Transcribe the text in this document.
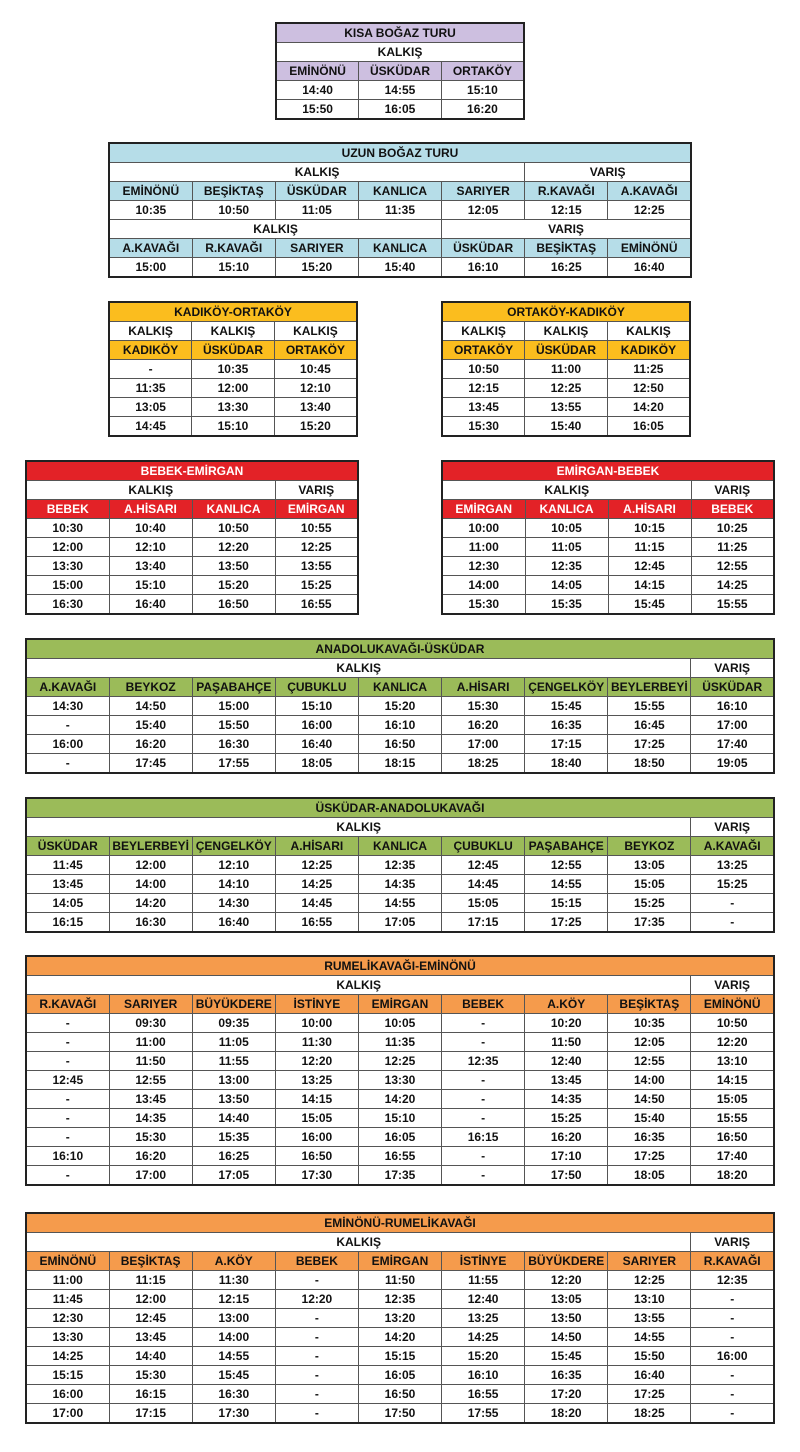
KISA BOĞAZ TURU		
KALKIŞ		
EMİNÖNÜ	ÜSKÜDAR	ORTAKÖY
14:40	14:55	15:10
15:50	16:05	16:20
UZUN BOĞAZ TURU						
KALKIŞ					VARIŞ	
EMİNÖNÜ	BEŞİKTAŞ	ÜSKÜDAR	KANLICA	SARIYER	R.KAVAĞI	A.KAVAĞI
10:35	10:50	11:05	11:35	12:05	12:15	12:25
KALKIŞ				VARIŞ		
A.KAVAĞI	R.KAVAĞI	SARIYER	KANLICA	ÜSKÜDAR	BEŞİKTAŞ	EMİNÖNÜ
15:00	15:10	15:20	15:40	16:10	16:25	16:40
KADIKÖY-ORTAKÖY		
KALKIŞ	KALKIŞ	KALKIŞ
KADIKÖY	ÜSKÜDAR	ORTAKÖY
-	10:35	10:45
11:35	12:00	12:10
13:05	13:30	13:40
14:45	15:10	15:20
ORTAKÖY-KADIKÖY		
KALKIŞ	KALKIŞ	KALKIŞ
ORTAKÖY	ÜSKÜDAR	KADIKÖY
10:50	11:00	11:25
12:15	12:25	12:50
13:45	13:55	14:20
15:30	15:40	16:05
BEBEK-EMİRGAN			
KALKIŞ			VARIŞ
BEBEK	A.HİSARI	KANLICA	EMİRGAN
10:30	10:40	10:50	10:55
12:00	12:10	12:20	12:25
13:30	13:40	13:50	13:55
15:00	15:10	15:20	15:25
16:30	16:40	16:50	16:55
EMİRGAN-BEBEK			
KALKIŞ			VARIŞ
EMİRGAN	KANLICA	A.HİSARI	BEBEK
10:00	10:05	10:15	10:25
11:00	11:05	11:15	11:25
12:30	12:35	12:45	12:55
14:00	14:05	14:15	14:25
15:30	15:35	15:45	15:55
ANADOLUKAVAĞI-ÜSKÜDAR								
KALKIŞ								VARIŞ
A.KAVAĞI	BEYKOZ	PAŞABAHÇE	ÇUBUKLU	KANLICA	A.HİSARI	ÇENGELKÖY	BEYLERBEYİ	ÜSKÜDAR
14:30	14:50	15:00	15:10	15:20	15:30	15:45	15:55	16:10
-	15:40	15:50	16:00	16:10	16:20	16:35	16:45	17:00
16:00	16:20	16:30	16:40	16:50	17:00	17:15	17:25	17:40
-	17:45	17:55	18:05	18:15	18:25	18:40	18:50	19:05
ÜSKÜDAR-ANADOLUKAVAĞI								
KALKIŞ								VARIŞ
ÜSKÜDAR	BEYLERBEYİ	ÇENGELKÖY	A.HİSARI	KANLICA	ÇUBUKLU	PAŞABAHÇE	BEYKOZ	A.KAVAĞI
11:45	12:00	12:10	12:25	12:35	12:45	12:55	13:05	13:25
13:45	14:00	14:10	14:25	14:35	14:45	14:55	15:05	15:25
14:05	14:20	14:30	14:45	14:55	15:05	15:15	15:25	-
16:15	16:30	16:40	16:55	17:05	17:15	17:25	17:35	-
RUMELİKAVAĞI-EMİNÖNÜ								
KALKIŞ								VARIŞ
R.KAVAĞI	SARIYER	BÜYÜKDERE	İSTİNYE	EMİRGAN	BEBEK	A.KÖY	BEŞİKTAŞ	EMİNÖNÜ
-	09:30	09:35	10:00	10:05	-	10:20	10:35	10:50
-	11:00	11:05	11:30	11:35	-	11:50	12:05	12:20
-	11:50	11:55	12:20	12:25	12:35	12:40	12:55	13:10
12:45	12:55	13:00	13:25	13:30	-	13:45	14:00	14:15
-	13:45	13:50	14:15	14:20	-	14:35	14:50	15:05
-	14:35	14:40	15:05	15:10	-	15:25	15:40	15:55
-	15:30	15:35	16:00	16:05	16:15	16:20	16:35	16:50
16:10	16:20	16:25	16:50	16:55	-	17:10	17:25	17:40
-	17:00	17:05	17:30	17:35	-	17:50	18:05	18:20
EMİNÖNÜ-RUMELİKAVAĞI								
KALKIŞ								VARIŞ
EMİNÖNÜ	BEŞİKTAŞ	A.KÖY	BEBEK	EMİRGAN	İSTİNYE	BÜYÜKDERE	SARIYER	R.KAVAĞI
11:00	11:15	11:30	-	11:50	11:55	12:20	12:25	12:35
11:45	12:00	12:15	12:20	12:35	12:40	13:05	13:10	-
12:30	12:45	13:00	-	13:20	13:25	13:50	13:55	-
13:30	13:45	14:00	-	14:20	14:25	14:50	14:55	-
14:25	14:40	14:55	-	15:15	15:20	15:45	15:50	16:00
15:15	15:30	15:45	-	16:05	16:10	16:35	16:40	-
16:00	16:15	16:30	-	16:50	16:55	17:20	17:25	-
17:00	17:15	17:30	-	17:50	17:55	18:20	18:25	-
